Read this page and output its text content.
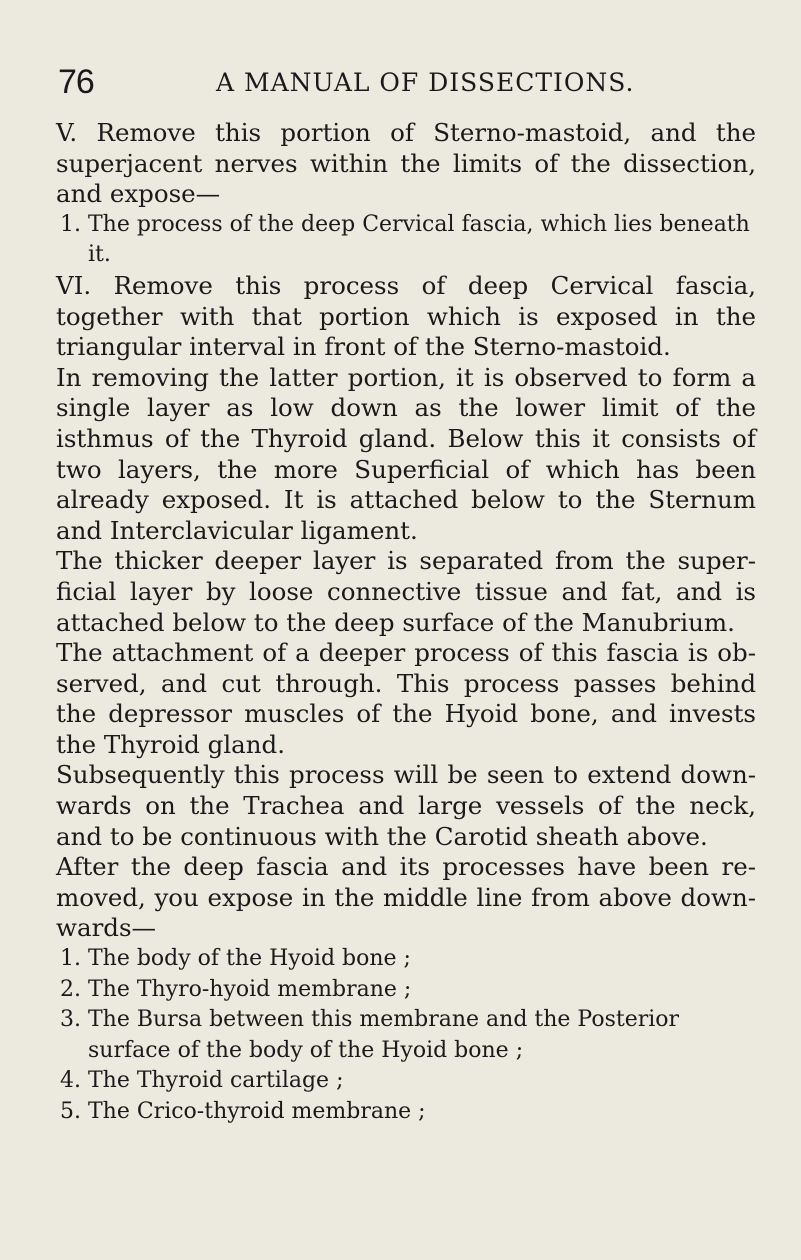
76	A MANUAL OF DISSECTIONS.

V. Remove this portion of Sterno-mastoid, and the superjacent nerves within the limits of the dissection, and expose—

1. The process of the deep Cervical fascia, which lies beneath it.

VI. Remove this process of deep Cervical fascia, together with that portion which is exposed in the triangular interval in front of the Sterno-mastoid.

In removing the latter portion, it is observed to form a single layer as low down as the lower limit of the isthmus of the Thyroid gland. Below this it consists of two layers, the more Superficial of which has been already exposed. It is attached below to the Sternum and Interclavicular ligament.

The thicker deeper layer is separated from the superficial layer by loose connective tissue and fat, and is attached below to the deep surface of the Manubrium.

The attachment of a deeper process of this fascia is observed, and cut through. This process passes behind the depressor muscles of the Hyoid bone, and invests the Thyroid gland.

Subsequently this process will be seen to extend downwards on the Trachea and large vessels of the neck, and to be continuous with the Carotid sheath above.

After the deep fascia and its processes have been removed, you expose in the middle line from above downwards—

1. The body of the Hyoid bone ;
2. The Thyro-hyoid membrane ;
3. The Bursa between this membrane and the Posterior surface of the body of the Hyoid bone ;
4. The Thyroid cartilage ;
5. The Crico-thyroid membrane ;
